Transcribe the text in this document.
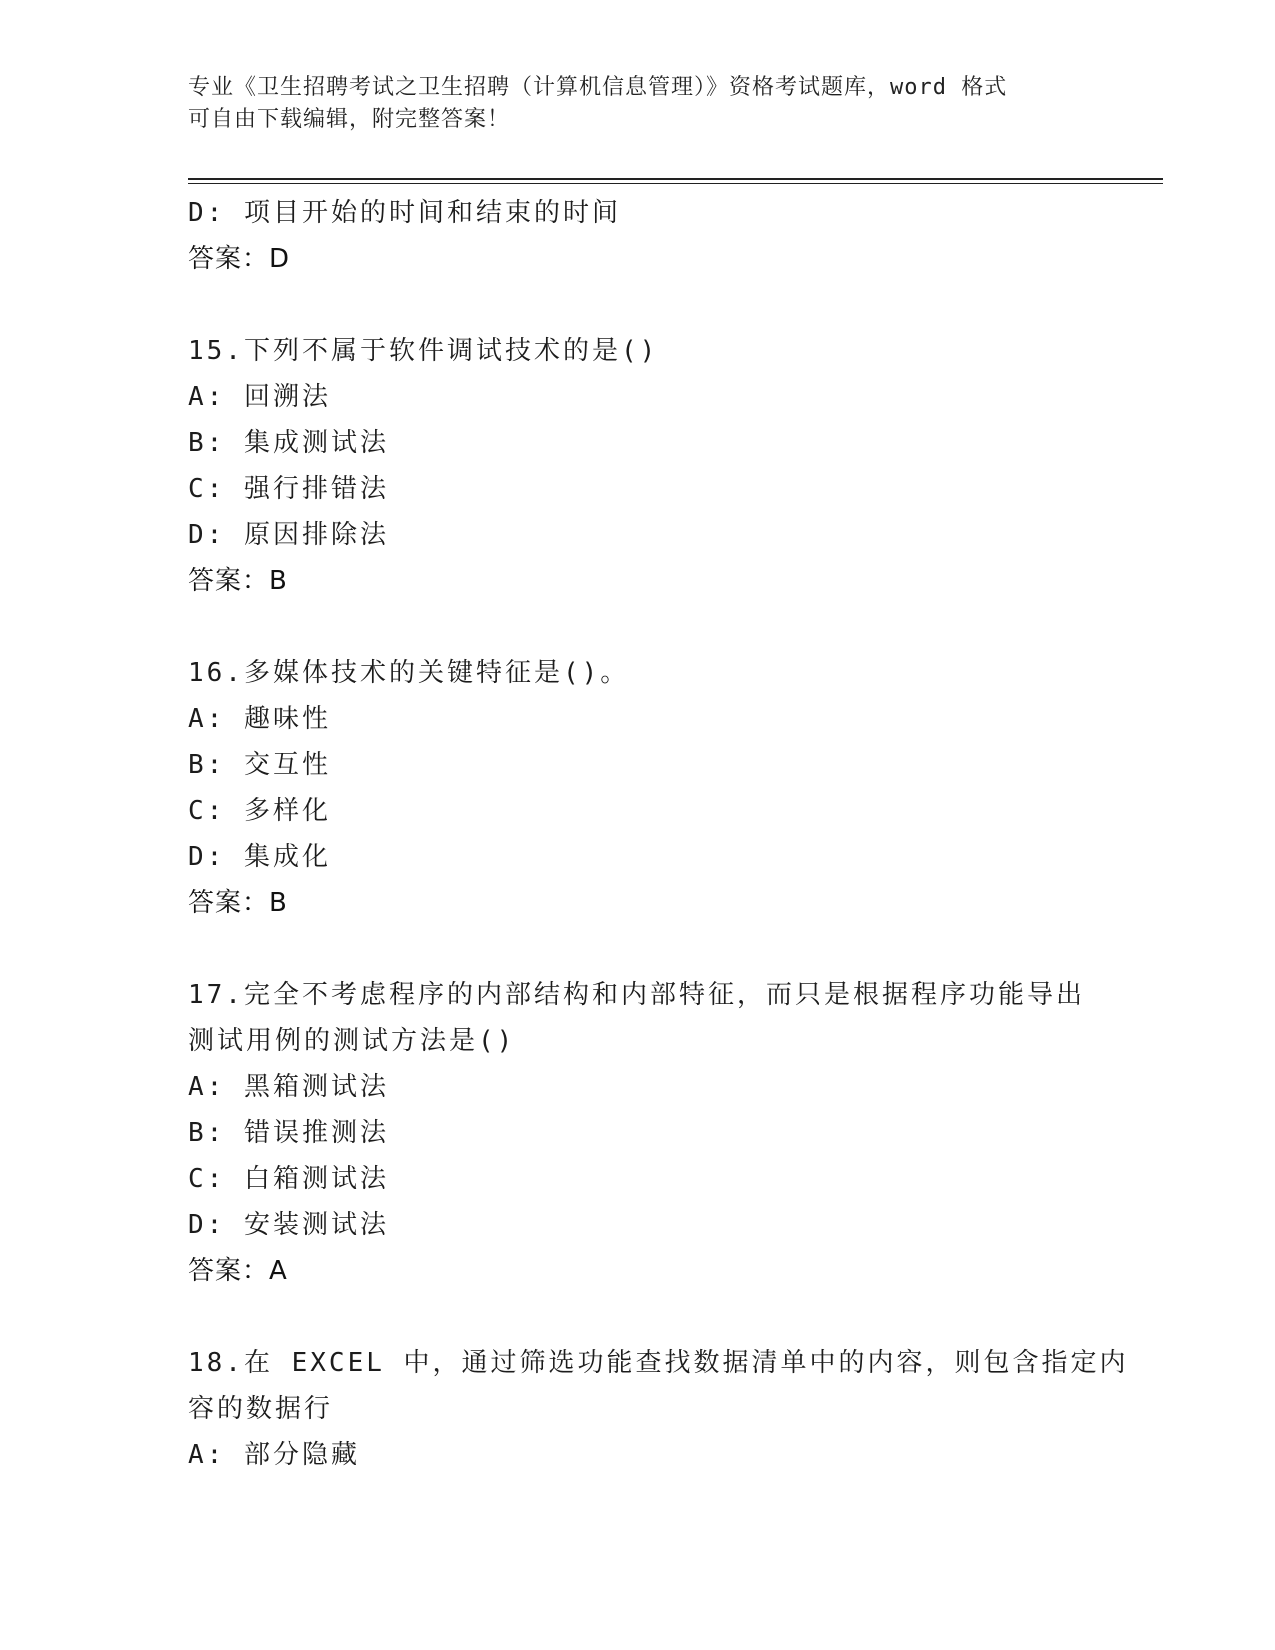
专业《卫生招聘考试之卫生招聘（计算机信息管理）》资格考试题库，word 格式
可自由下载编辑，附完整答案！
D: 项目开始的时间和结束的时间
答案：D
15.下列不属于软件调试技术的是()
A: 回溯法
B: 集成测试法
C: 强行排错法
D: 原因排除法
答案：B
16.多媒体技术的关键特征是()。
A: 趣味性
B: 交互性
C: 多样化
D: 集成化
答案：B
17.完全不考虑程序的内部结构和内部特征，而只是根据程序功能导出
测试用例的测试方法是()
A: 黑箱测试法
B: 错误推测法
C: 白箱测试法
D: 安装测试法
答案：A
18.在 EXCEL 中，通过筛选功能查找数据清单中的内容，则包含指定内
容的数据行
A: 部分隐藏
